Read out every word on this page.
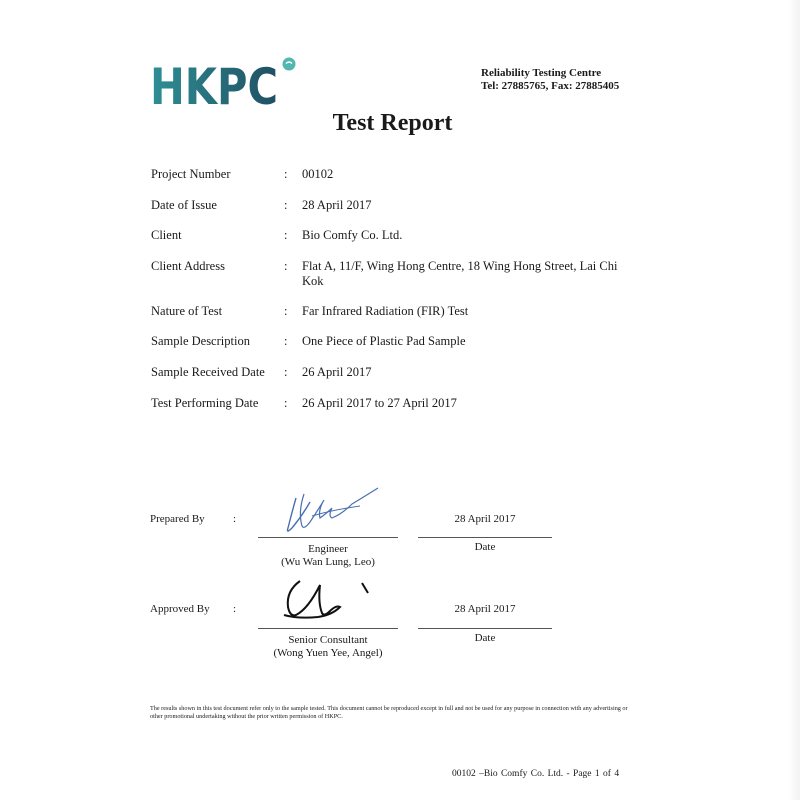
HKPC	Reliability Testing Centre
Tel: 27885765, Fax: 27885405
Test Report
Project Number	: 00102
Date of Issue	: 28 April 2017
Client	: Bio Comfy Co. Ltd.
Client Address	: Flat A, 11/F, Wing Hong Centre, 18 Wing Hong Street, Lai Chi Kok
Nature of Test	: Far Infrared Radiation (FIR) Test
Sample Description	: One Piece of Plastic Pad Sample
Sample Received Date : 26 April 2017
Test Performing Date : 26 April 2017 to 27 April 2017
Prepared By	:
Engineer
(Wu Wan Lung, Leo)
28 April 2017
Date
Approved By :
Senior Consultant
(Wong Yuen Yee, Angel)
28 April 2017
Date
The results shown in this test document refer only to the sample tested. This document cannot be reproduced except in full and not be used for any purpose in connection with any advertising or other promotional undertaking without the prior written permission of HKPC.
00102 –Bio Comfy Co. Ltd. - Page 1 of 4
